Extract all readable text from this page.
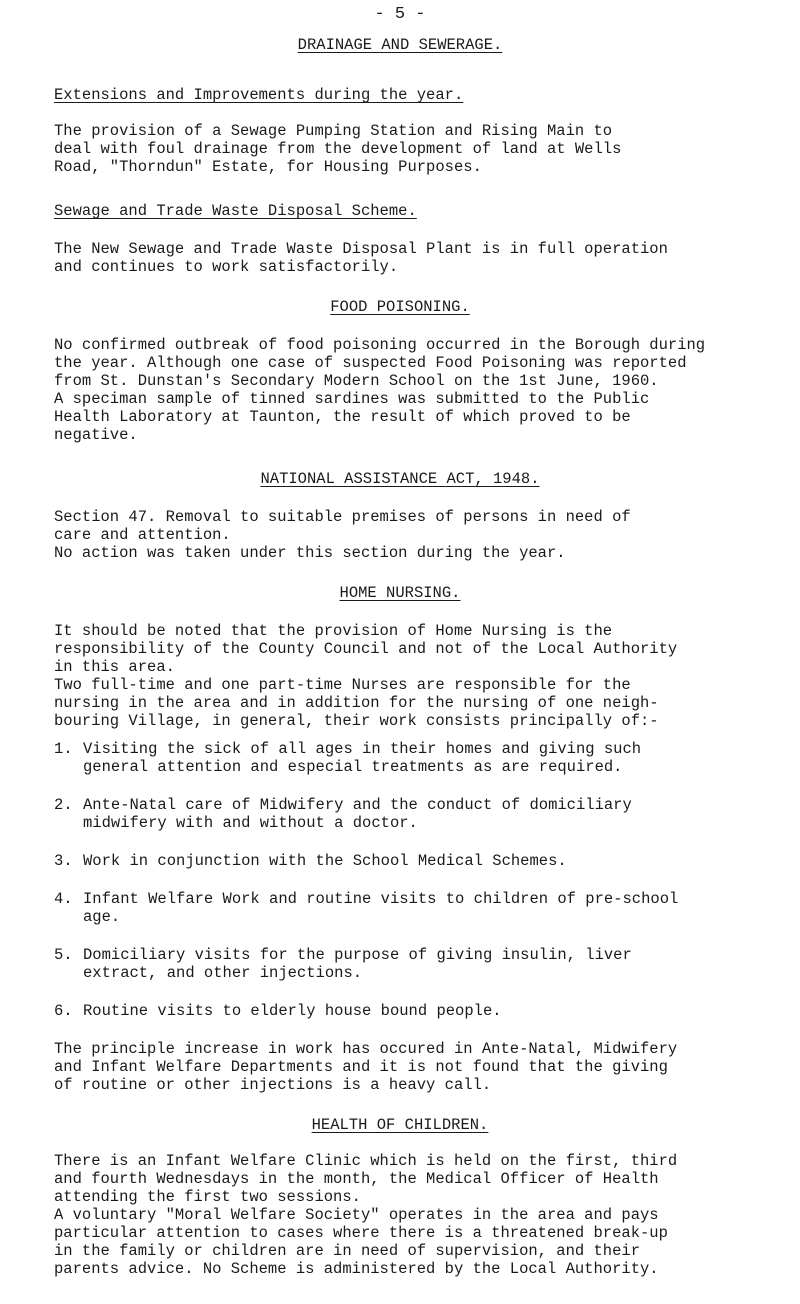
- 5 -
DRAINAGE AND SEWERAGE.
Extensions and Improvements during the year.

The provision of a Sewage Pumping Station and Rising Main to
deal with foul drainage from the development of land at Wells
Road, "Thorndun" Estate, for Housing Purposes.

Sewage and Trade Waste Disposal Scheme.

The New Sewage and Trade Waste Disposal Plant is in full operation
and continues to work satisfactorily.

FOOD POISONING.

No confirmed outbreak of food poisoning occurred in the Borough during
the year. Although one case of suspected Food Poisoning was reported
from St. Dunstan's Secondary Modern School on the 1st June, 1960.
A speciman sample of tinned sardines was submitted to the Public
Health Laboratory at Taunton, the result of which proved to be
negative.

NATIONAL ASSISTANCE ACT, 1948.

Section 47. Removal to suitable premises of persons in need of
care and attention.
No action was taken under this section during the year.

HOME NURSING.

It should be noted that the provision of Home Nursing is the
responsibility of the County Council and not of the Local Authority
in this area.
Two full-time and one part-time Nurses are responsible for the
nursing in the area and in addition for the nursing of one neigh-
bouring Village, in general, their work consists principally of:-

1. Visiting the sick of all ages in their homes and giving such
general attention and especial treatments as are required.
2. Ante-Natal care of Midwifery and the conduct of domiciliary
midwifery with and without a doctor.
3. Work in conjunction with the School Medical Schemes.
4. Infant Welfare Work and routine visits to children of pre-school
age.
5. Domiciliary visits for the purpose of giving insulin, liver
extract, and other injections.
6. Routine visits to elderly house bound people.

The principle increase in work has occured in Ante-Natal, Midwifery
and Infant Welfare Departments and it is not found that the giving
of routine or other injections is a heavy call.

HEALTH OF CHILDREN.

There is an Infant Welfare Clinic which is held on the first, third
and fourth Wednesdays in the month, the Medical Officer of Health
attending the first two sessions.
A voluntary "Moral Welfare Society" operates in the area and pays
particular attention to cases where there is a threatened break-up
in the family or children are in need of supervision, and their
parents advice. No Scheme is administered by the Local Authority.
